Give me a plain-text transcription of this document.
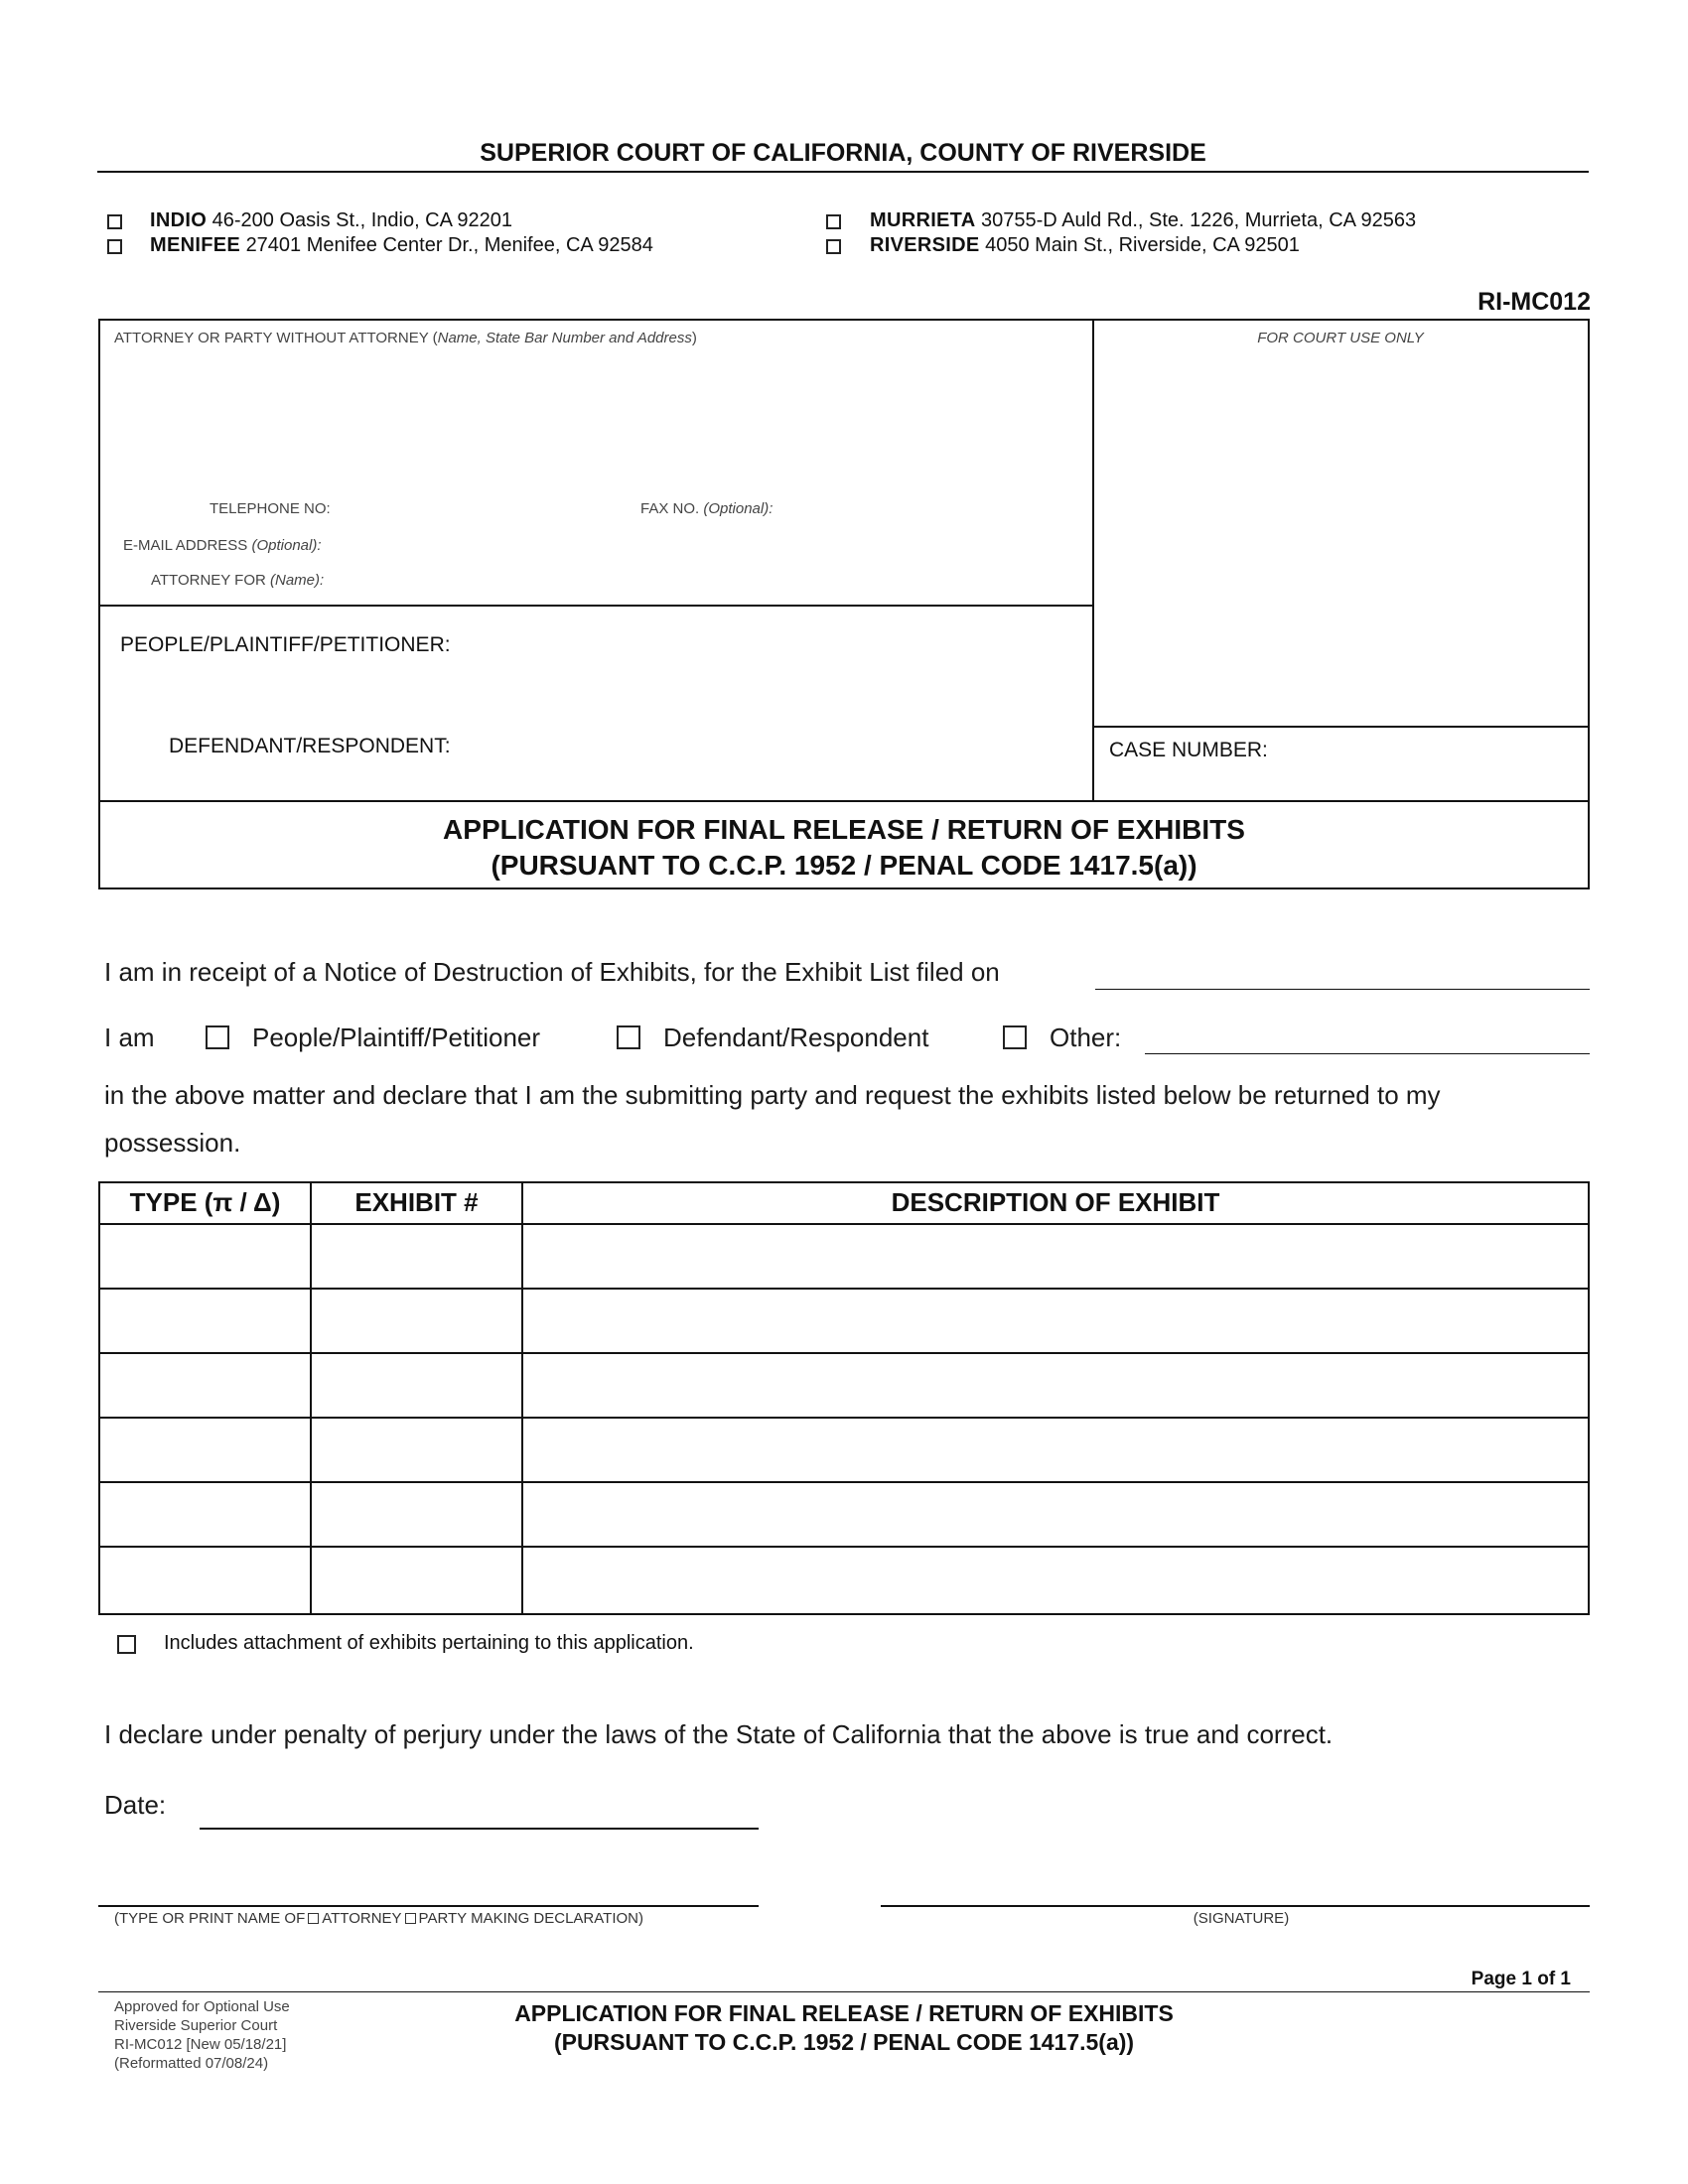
SUPERIOR COURT OF CALIFORNIA, COUNTY OF RIVERSIDE
INDIO 46-200 Oasis St., Indio, CA 92201
MENIFEE 27401 Menifee Center Dr., Menifee, CA 92584
MURRIETA 30755-D Auld Rd., Ste. 1226, Murrieta, CA 92563
RIVERSIDE 4050 Main St., Riverside, CA 92501
RI-MC012
ATTORNEY OR PARTY WITHOUT ATTORNEY (Name, State Bar Number and Address)	FOR COURT USE ONLY
TELEPHONE NO:	FAX NO. (Optional):
E-MAIL ADDRESS (Optional):
ATTORNEY FOR (Name):
PEOPLE/PLAINTIFF/PETITIONER:
DEFENDANT/RESPONDENT:	CASE NUMBER:
APPLICATION FOR FINAL RELEASE / RETURN OF EXHIBITS
(PURSUANT TO C.C.P. 1952 / PENAL CODE 1417.5(a))
I am in receipt of a Notice of Destruction of Exhibits, for the Exhibit List filed on
I am	People/Plaintiff/Petitioner	Defendant/Respondent	Other:
in the above matter and declare that I am the submitting party and request the exhibits listed below be returned to my
possession.
TYPE (π / Δ)	EXHIBIT #	DESCRIPTION OF EXHIBIT
Includes attachment of exhibits pertaining to this application.
I declare under penalty of perjury under the laws of the State of California that the above is true and correct.
Date:
(TYPE OR PRINT NAME OF ATTORNEY PARTY MAKING DECLARATION)	(SIGNATURE)
Page 1 of 1
Approved for Optional Use
Riverside Superior Court
RI-MC012 [New 05/18/21]
(Reformatted 07/08/24)
APPLICATION FOR FINAL RELEASE / RETURN OF EXHIBITS
(PURSUANT TO C.C.P. 1952 / PENAL CODE 1417.5(a))
